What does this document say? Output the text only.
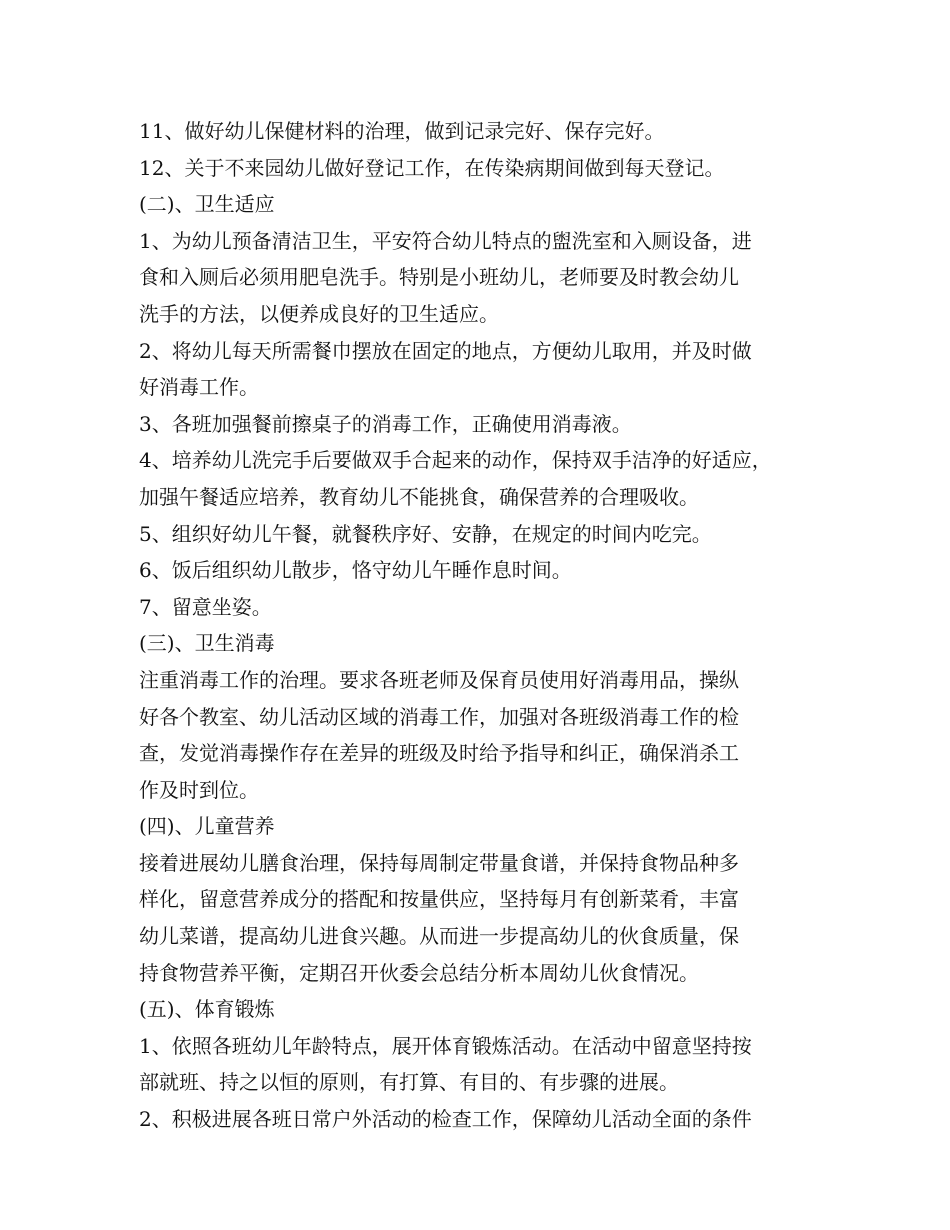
11、做好幼儿保健材料的治理，做到记录完好、保存完好。
12、关于不来园幼儿做好登记工作，在传染病期间做到每天登记。
(二)、卫生适应
1、为幼儿预备清洁卫生，平安符合幼儿特点的盥洗室和入厕设备，进
食和入厕后必须用肥皂洗手。特别是小班幼儿，老师要及时教会幼儿
洗手的方法，以便养成良好的卫生适应。
2、将幼儿每天所需餐巾摆放在固定的地点，方便幼儿取用，并及时做
好消毒工作。
3、各班加强餐前擦桌子的消毒工作，正确使用消毒液。
4、培养幼儿洗完手后要做双手合起来的动作，保持双手洁净的好适应，
加强午餐适应培养，教育幼儿不能挑食，确保营养的合理吸收。
5、组织好幼儿午餐，就餐秩序好、安静，在规定的时间内吃完。
6、饭后组织幼儿散步，恪守幼儿午睡作息时间。
7、留意坐姿。
(三)、卫生消毒
注重消毒工作的治理。要求各班老师及保育员使用好消毒用品，操纵
好各个教室、幼儿活动区域的消毒工作，加强对各班级消毒工作的检
查，发觉消毒操作存在差异的班级及时给予指导和纠正，确保消杀工
作及时到位。
(四)、儿童营养
接着进展幼儿膳食治理，保持每周制定带量食谱，并保持食物品种多
样化，留意营养成分的搭配和按量供应，坚持每月有创新菜肴，丰富
幼儿菜谱，提高幼儿进食兴趣。从而进一步提高幼儿的伙食质量，保
持食物营养平衡，定期召开伙委会总结分析本周幼儿伙食情况。
(五)、体育锻炼
1、依照各班幼儿年龄特点，展开体育锻炼活动。在活动中留意坚持按
部就班、持之以恒的原则，有打算、有目的、有步骤的进展。
2、积极进展各班日常户外活动的检查工作，保障幼儿活动全面的条件
